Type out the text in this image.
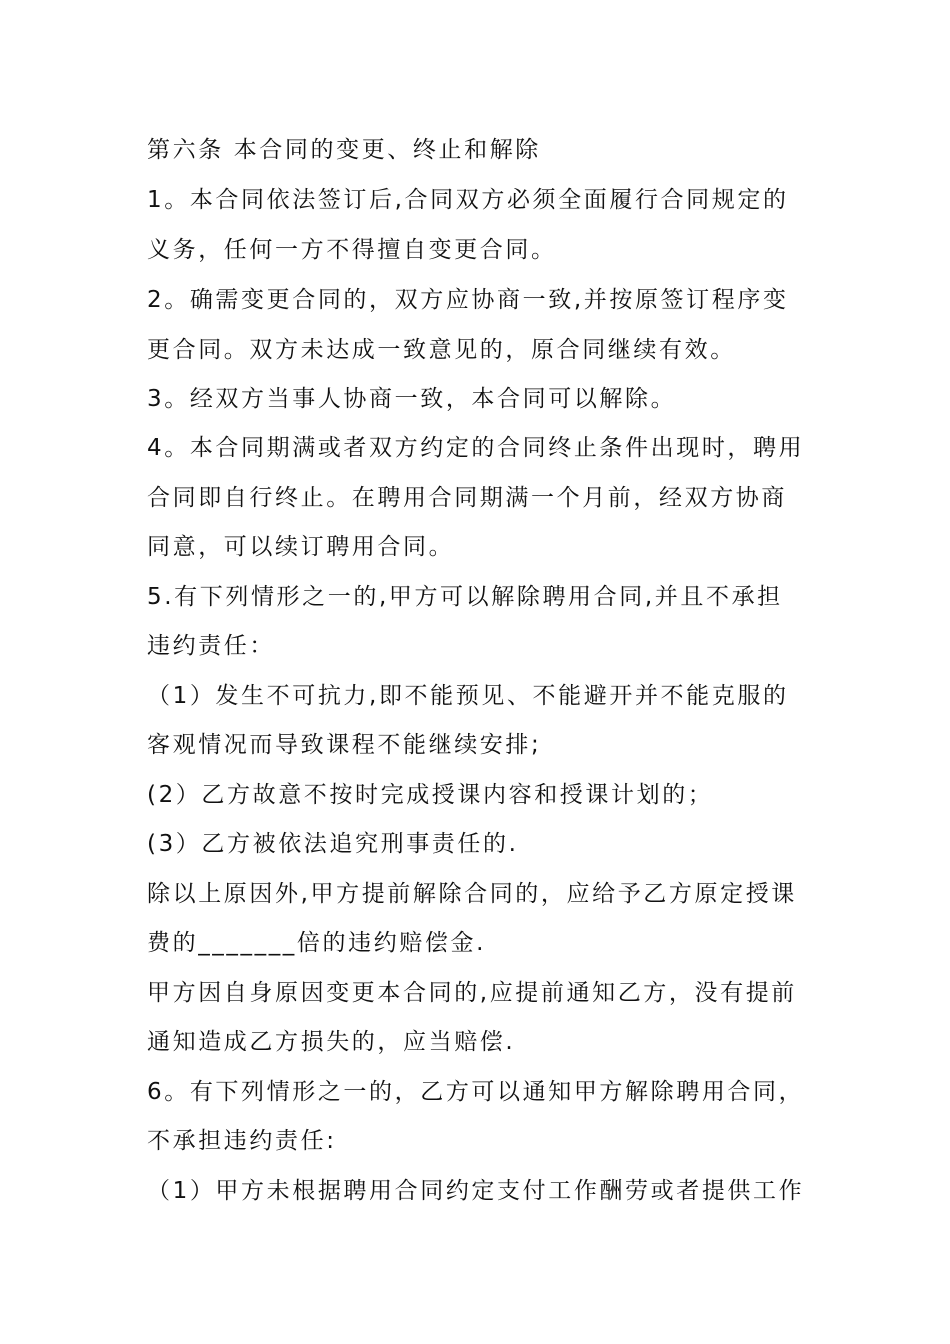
第六条 本合同的变更、终止和解除
1。本合同依法签订后,合同双方必须全面履行合同规定的
义务，任何一方不得擅自变更合同。
2。确需变更合同的，双方应协商一致,并按原签订程序变
更合同。双方未达成一致意见的，原合同继续有效。
3。经双方当事人协商一致，本合同可以解除。
4。本合同期满或者双方约定的合同终止条件出现时，聘用
合同即自行终止。在聘用合同期满一个月前，经双方协商
同意，可以续订聘用合同。
5.有下列情形之一的,甲方可以解除聘用合同,并且不承担
违约责任：
（1）发生不可抗力,即不能预见、不能避开并不能克服的
客观情况而导致课程不能继续安排;
(2）乙方故意不按时完成授课内容和授课计划的；
(3）乙方被依法追究刑事责任的.
除以上原因外,甲方提前解除合同的，应给予乙方原定授课
费的_______倍的违约赔偿金.
甲方因自身原因变更本合同的,应提前通知乙方，没有提前
通知造成乙方损失的，应当赔偿.
6。有下列情形之一的，乙方可以通知甲方解除聘用合同，
不承担违约责任:
（1）甲方未根据聘用合同约定支付工作酬劳或者提供工作
